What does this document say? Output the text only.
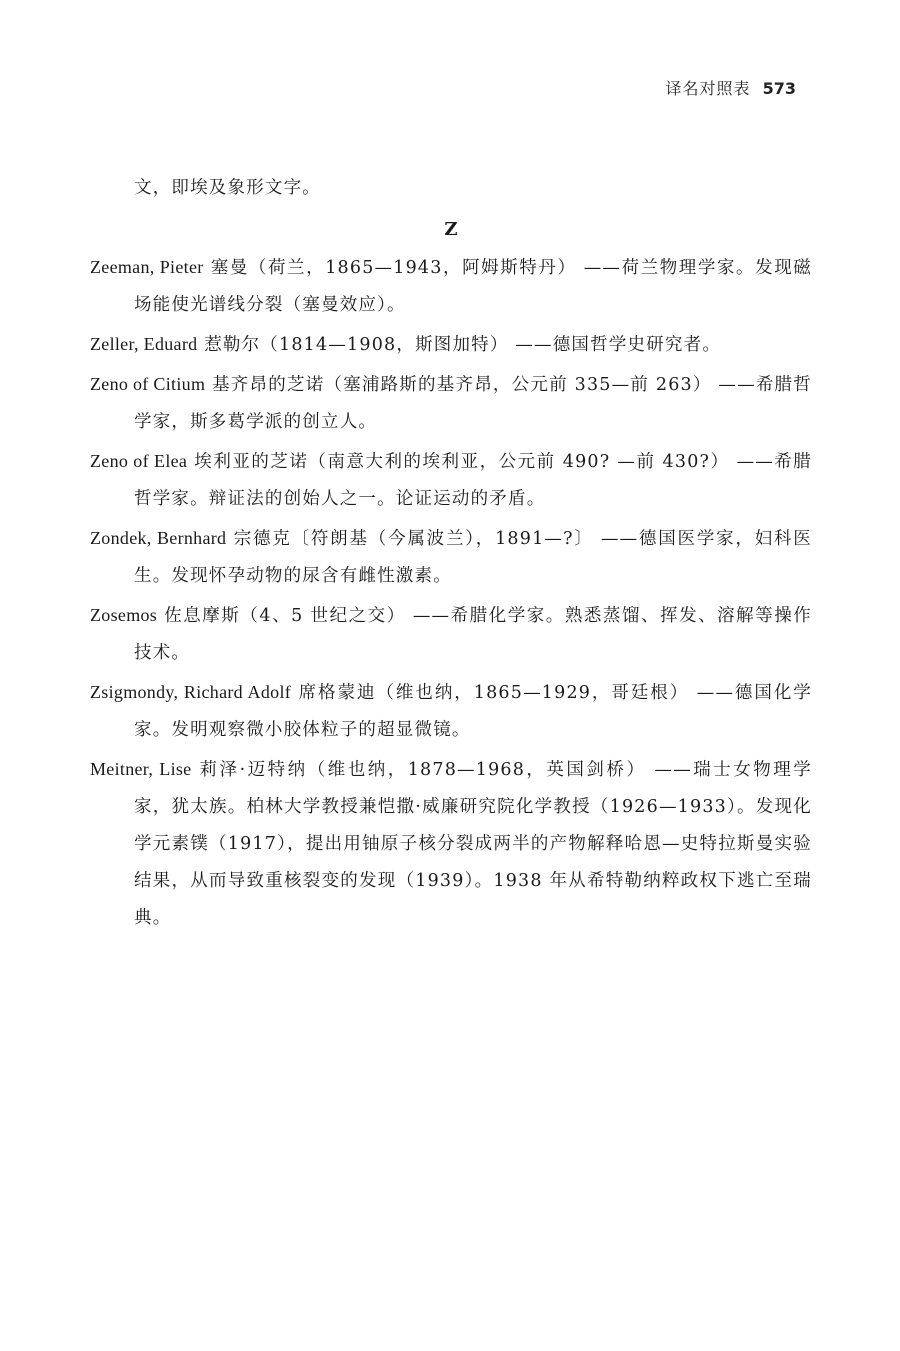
译名对照表 573

文，即埃及象形文字。

Z

Zeeman, Pieter 塞曼（荷兰，1865—1943，阿姆斯特丹） ——荷兰物理学家。发现磁场能使光谱线分裂（塞曼效应）。

Zeller, Eduard 惹勒尔（1814—1908，斯图加特） ——德国哲学史研究者。

Zeno of Citium 基齐昂的芝诺（塞浦路斯的基齐昂，公元前 335—前 263） ——希腊哲学家，斯多葛学派的创立人。

Zeno of Elea 埃利亚的芝诺（南意大利的埃利亚，公元前 490? —前 430?） ——希腊哲学家。辩证法的创始人之一。论证运动的矛盾。

Zondek, Bernhard 宗德克〔符朗基（今属波兰），1891—?〕 ——德国医学家，妇科医生。发现怀孕动物的尿含有雌性激素。

Zosemos 佐息摩斯（4、5 世纪之交） ——希腊化学家。熟悉蒸馏、挥发、溶解等操作技术。

Zsigmondy, Richard Adolf 席格蒙迪（维也纳，1865—1929，哥廷根） ——德国化学家。发明观察微小胶体粒子的超显微镜。

Meitner, Lise 莉泽·迈特纳（维也纳，1878—1968，英国剑桥） ——瑞士女物理学家，犹太族。柏林大学教授兼恺撒·威廉研究院化学教授（1926—1933）。发现化学元素镤（1917），提出用铀原子核分裂成两半的产物解释哈恩—史特拉斯曼实验结果，从而导致重核裂变的发现（1939）。1938 年从希特勒纳粹政权下逃亡至瑞典。
